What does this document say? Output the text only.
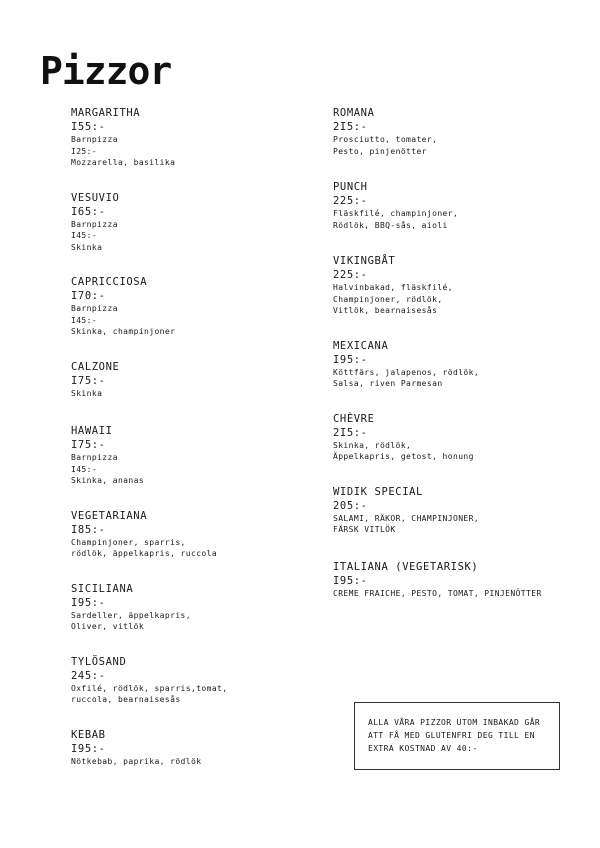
Pizzor
MARGARITHA
I55:-
Barnpizza
I25:-
Mozzarella, basilika
VESUVIO
I65:-
Barnpizza
I45:-
Skinka
CAPRICCIOSA
I70:-
Barnpizza
I45:-
Skinka, champinjoner
CALZONE
I75:-
Skinka
HAWAII
I75:-
Barnpizza
I45:-
Skinka, ananas
VEGETARIANA
I85:-
Champinjoner, sparris,
rödlök, äppelkapris, ruccola
SICILIANA
I95:-
Sardeller, äppelkapris,
Oliver, vitlök
TYLÖSAND
245:-
Oxfilé, rödlök, sparris,tomat,
ruccola, bearnaisesås
KEBAB
I95:-
Nötkebab, paprika, rödlök
ROMANA
2I5:-
Prosciutto, tomater,
Pesto, pinjenötter
PUNCH
225:-
Fläskfilé, champinjoner,
Rödlök, BBQ-sås, aioli
VIKINGBÅT
225:-
Halvinbakad, fläskfilé,
Champinjoner, rödlök,
Vitlök, bearnaisesås
MEXICANA
I95:-
Köttfärs, jalapenos, rödlök,
Salsa, riven Parmesan
CHÈVRE
2I5:-
Skinka, rödlök,
Äppelkapris, getost, honung
WIDIK SPECIAL
205:-
SALAMI, RÄKOR, CHAMPINJONER,
FÄRSK VITLÖK
ITALIANA (VEGETARISK)
I95:-
CREME FRAICHE, PESTO, TOMAT, PINJENÖTTER
ALLA VÅRA PIZZOR UTOM INBAKAD GÅR
ATT FÅ MED GLUTENFRI DEG TILL EN
EXTRA KOSTNAD AV 40:-
